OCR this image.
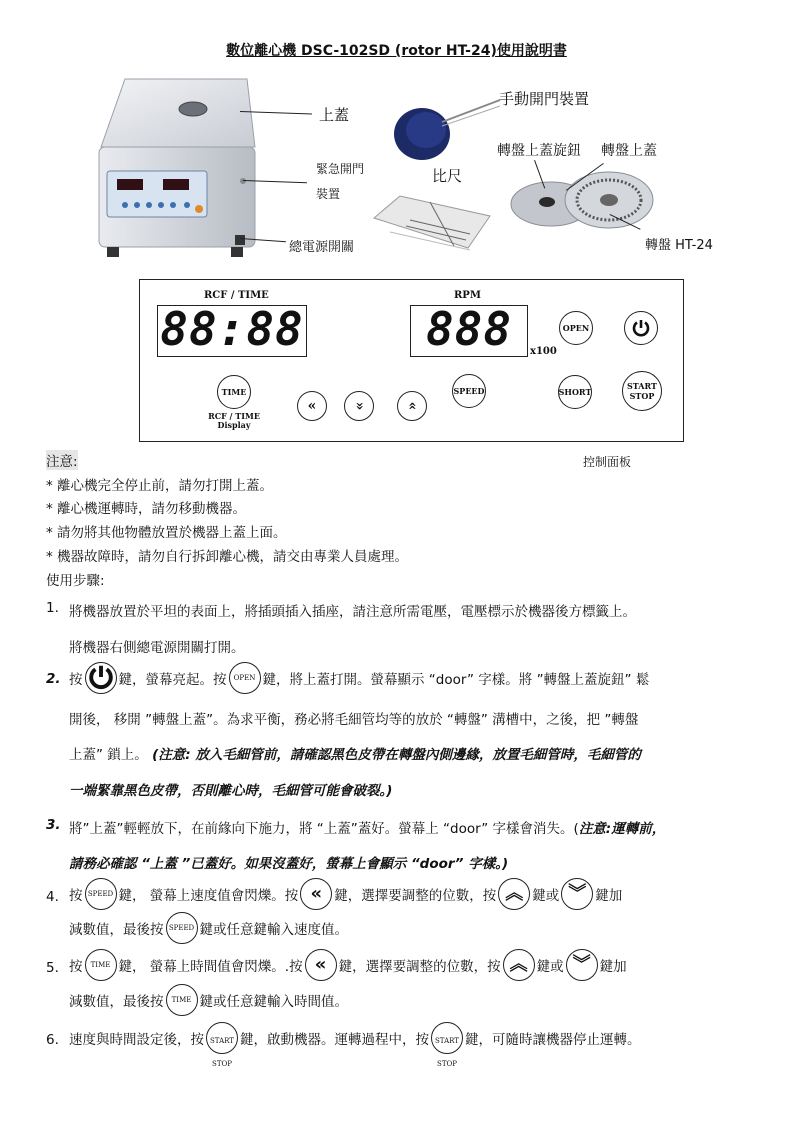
數位離心機 DSC-102SD (rotor HT-24)使用說明書
上蓋
緊急開門
裝置
總電源開關
手動開門裝置
比尺
轉盤上蓋旋鈕 轉盤上蓋
轉盤 HT-24
RCF / TIME	RPM
88:88	888	x100
OPEN
TIME
RCF / TIME
Display
« »	»
SPEED	SHORT
START
STOP
控制面板
注意:
* 離心機完全停止前，請勿打開上蓋。
* 離心機運轉時，請勿移動機器。
* 請勿將其他物體放置於機器上蓋上面。
* 機器故障時，請勿自行拆卸離心機，請交由專業人員處理。
使用步驟:
1. 將機器放置於平坦的表面上，將插頭插入插座，請注意所需電壓，電壓標示於機器後方標籤上。
將機器右側總電源開關打開。
2. 按	鍵，螢幕亮起。按	OPEN 鍵，將上蓋打開。螢幕顯示 “door” 字樣。將 ”轉盤上蓋旋鈕” 鬆
開後， 移開 ”轉盤上蓋”。為求平衡，務必將毛細管均等的放於 “轉盤” 溝槽中，之後，把 ”轉盤
上蓋” 鎖上。 (注意: 放入毛細管前，請確認黑色皮帶在轉盤內側邊緣，放置毛細管時，毛細管的
一端緊靠黑色皮帶，否則離心時，毛細管可能會破裂。)
3. 將”上蓋”輕輕放下，在前緣向下施力，將 “上蓋”蓋好。螢幕上 “door” 字樣會消失。(注意:運轉前，
請務必確認 “上蓋 ”已蓋好。如果沒蓋好，螢幕上會顯示 “door” 字樣。)
4. 按 SPEED 鍵， 螢幕上速度值會閃爍。按 « 鍵，選擇要調整的位數，按 ︽ 鍵或 ︾ 鍵加
減數值，最後按 SPEED 鍵或任意鍵輸入速度值。
5. 按	TIME 鍵， 螢幕上時間值會閃爍。.按 « 鍵，選擇要調整的位數，按 ︽ 鍵或 ︾ 鍵加
減數值，最後按	TIME 鍵或任意鍵輸入時間值。
6. 速度與時間設定後，按 START

STOP
鍵，啟動機器。運轉過程中，按 START

STOP
鍵，可隨時讓機器停止運轉。
